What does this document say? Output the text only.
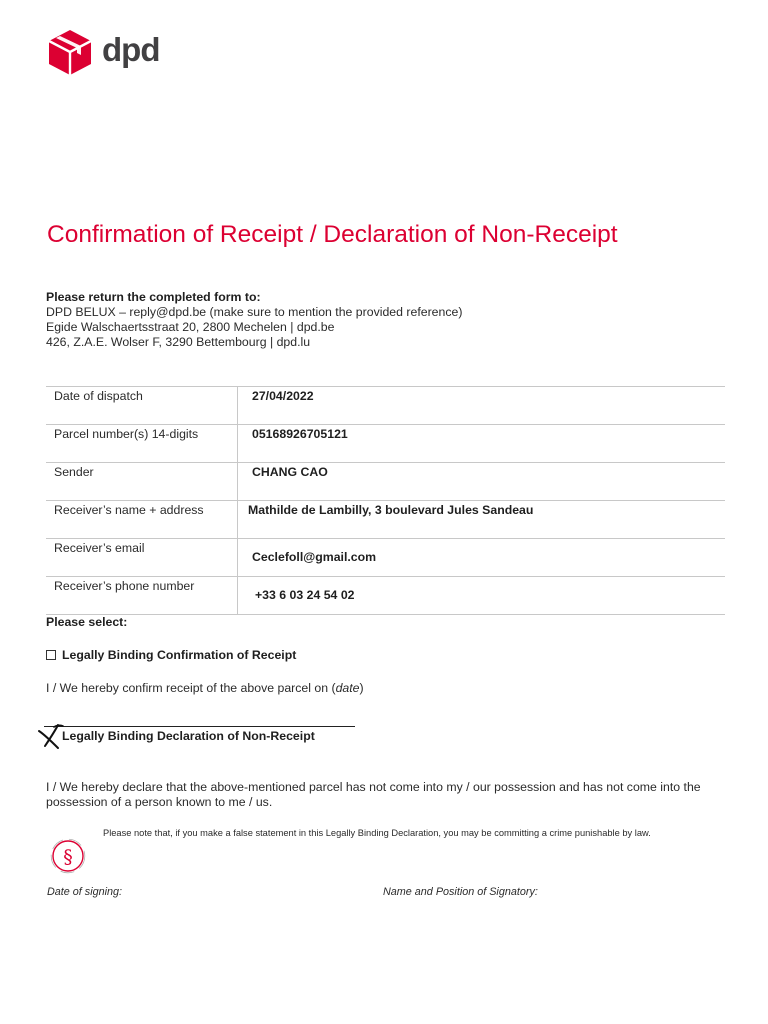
dpd
Confirmation of Receipt / Declaration of Non-Receipt
Please return the completed form to:
DPD BELUX – reply@dpd.be (make sure to mention the provided reference)
Egide Walschaertsstraat 20, 2800 Mechelen | dpd.be
426, Z.A.E. Wolser F, 3290 Bettembourg | dpd.lu
Date of dispatch	27/04/2022
Parcel number(s) 14-digits	05168926705121
Sender	CHANG CAO
Receiver’s name + address	Mathilde de Lambilly, 3 boulevard Jules Sandeau
Receiver’s email	Ceclefoll@gmail.com
Receiver’s phone number	+33 6 03 24 54 02
Please select:
Legally Binding Confirmation of Receipt
I / We hereby confirm receipt of the above parcel on (date)
Legally Binding Declaration of Non-Receipt
I / We hereby declare that the above-mentioned parcel has not come into my / our possession and has not come into the possession of a person known to me / us.
§
Please note that, if you make a false statement in this Legally Binding Declaration, you may be committing a crime punishable by law.
Date of signing:	Name and Position of Signatory:
